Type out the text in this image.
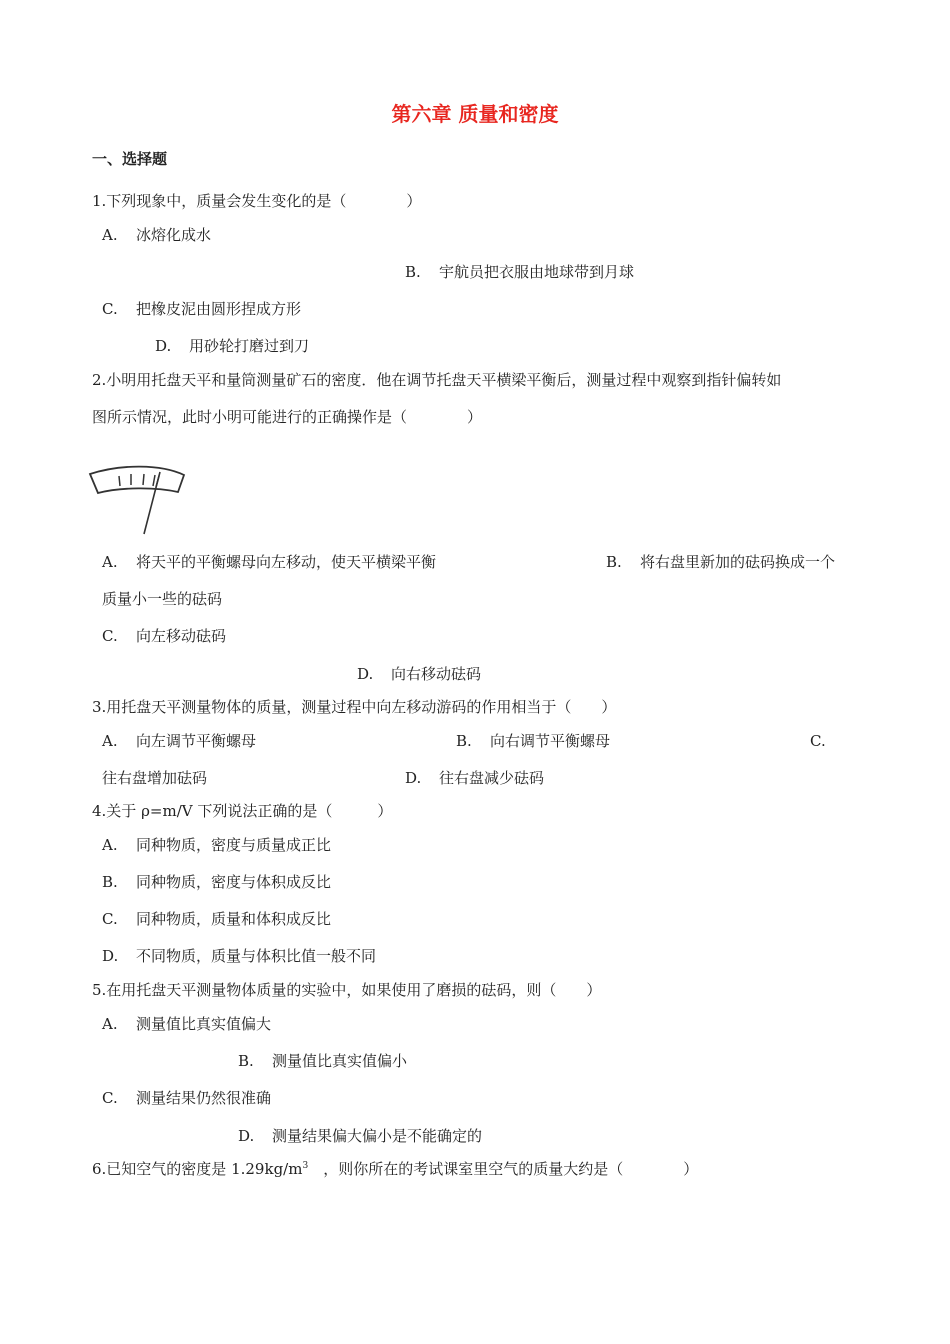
第六章 质量和密度
一、选择题
1.下列现象中，质量会发生变化的是（　　　　）
A. 冰熔化成水
B. 宇航员把衣服由地球带到月球
C. 把橡皮泥由圆形捏成方形
D. 用砂轮打磨过到刀
2.小明用托盘天平和量筒测量矿石的密度．他在调节托盘天平横梁平衡后，测量过程中观察到指针偏转如
图所示情况，此时小明可能进行的正确操作是（　　　　）
A. 将天平的平衡螺母向左移动，使天平横梁平衡	B. 将右盘里新加的砝码换成一个
质量小一些的砝码
C. 向左移动砝码
D. 向右移动砝码
3.用托盘天平测量物体的质量，测量过程中向左移动游码的作用相当于（　　）
A. 向左调节平衡螺母	B. 向右调节平衡螺母	C.
往右盘增加砝码	D. 往右盘减少砝码
4.关于 ρ=m/V 下列说法正确的是（　　　）
A. 同种物质，密度与质量成正比
B. 同种物质，密度与体积成反比
C. 同种物质，质量和体积成反比
D. 不同物质，质量与体积比值一般不同
5.在用托盘天平测量物体质量的实验中，如果使用了磨损的砝码，则（　　）
A. 测量值比真实值偏大
B. 测量值比真实值偏小
C. 测量结果仍然很准确
D. 测量结果偏大偏小是不能确定的
6.已知空气的密度是 $1.29kg/m^3$　，则你所在的考试课室里空气的质量大约是（　　　　）
